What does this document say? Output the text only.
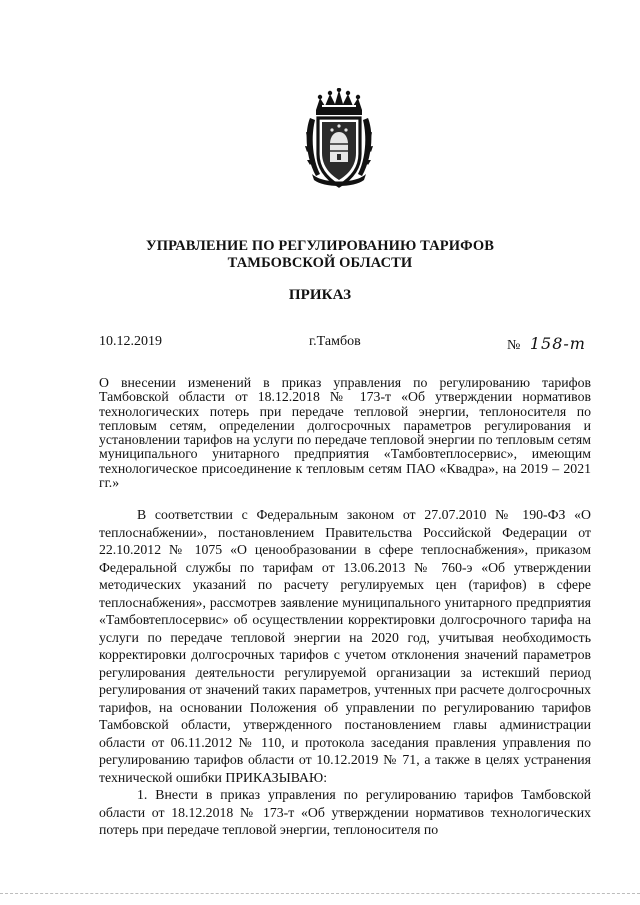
УПРАВЛЕНИЕ ПО РЕГУЛИРОВАНИЮ ТАРИФОВ
ТАМБОВСКОЙ ОБЛАСТИ
ПРИКАЗ
10.12.2019	г.Тамбов	№ 158-т
О внесении изменений в приказ управления по регулированию тарифов Тамбовской области от 18.12.2018 № 173-т «Об утверждении нормативов технологических потерь при передаче тепловой энергии, теплоносителя по тепловым сетям, определении долгосрочных параметров регулирования и установлении тарифов на услуги по передаче тепловой энергии по тепловым сетям муниципального унитарного предприятия «Тамбовтеплосервис», имеющим технологическое присоединение к тепловым сетям ПАО «Квадра», на 2019 – 2021 гг.»

В соответствии с Федеральным законом от 27.07.2010 № 190-ФЗ «О теплоснабжении», постановлением Правительства Российской Федерации от 22.10.2012 № 1075 «О ценообразовании в сфере теплоснабжения», приказом Федеральной службы по тарифам от 13.06.2013 № 760-э «Об утверждении методических указаний по расчету регулируемых цен (тарифов) в сфере теплоснабжения», рассмотрев заявление муниципального унитарного предприятия «Тамбовтеплосервис» об осуществлении корректировки долгосрочного тарифа на услуги по передаче тепловой энергии на 2020 год, учитывая необходимость корректировки долгосрочных тарифов с учетом отклонения значений параметров регулирования деятельности регулируемой организации за истекший период регулирования от значений таких параметров, учтенных при расчете долгосрочных тарифов, на основании Положения об управлении по регулированию тарифов Тамбовской области, утвержденного постановлением главы администрации области от 06.11.2012 № 110, и протокола заседания правления управления по регулированию тарифов области от 10.12.2019 № 71, а также в целях устранения технической ошибки ПРИКАЗЫВАЮ:

1. Внести в приказ управления по регулированию тарифов Тамбовской области от 18.12.2018 № 173-т «Об утверждении нормативов технологических потерь при передаче тепловой энергии, теплоносителя по
